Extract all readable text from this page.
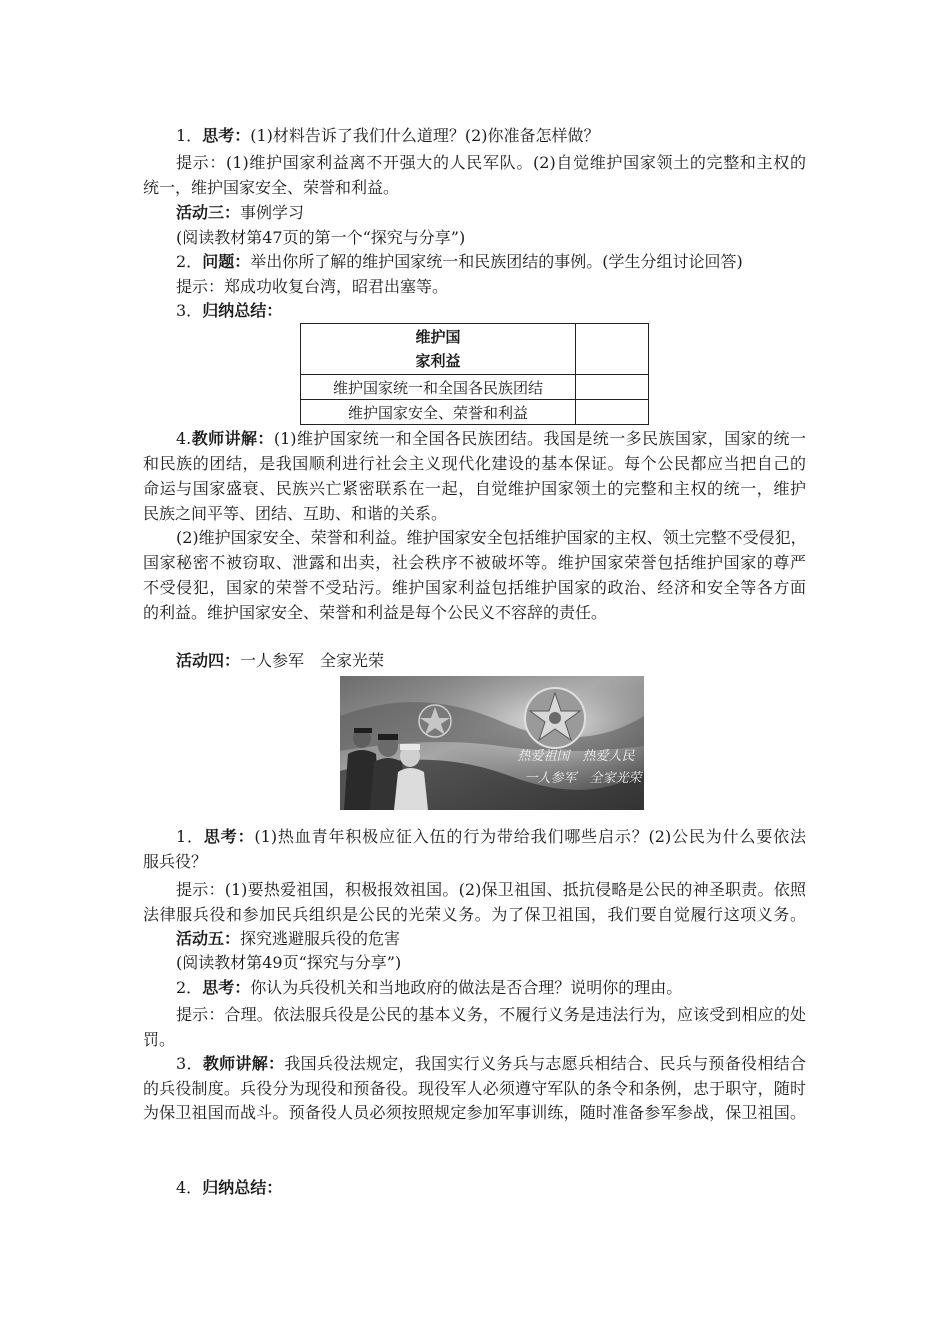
1．思考：(1)材料告诉了我们什么道理？(2)你准备怎样做？
提示：(1)维护国家利益离不开强大的人民军队。(2)自觉维护国家领土的完整和主权的
统一，维护国家安全、荣誉和利益。
活动三：事例学习
(阅读教材第47页的第一个“探究与分享”)
2．问题：举出你所了解的维护国家统一和民族团结的事例。(学生分组讨论回答)
提示：郑成功收复台湾，昭君出塞等。
3．归纳总结：
维护国
家利益	

维护国家统一和全国各民族团结	
维护国家安全、荣誉和利益	
4.教师讲解：(1)维护国家统一和全国各民族团结。我国是统一多民族国家，国家的统一
和民族的团结，是我国顺利进行社会主义现代化建设的基本保证。每个公民都应当把自己的
命运与国家盛衰、民族兴亡紧密联系在一起，自觉维护国家领土的完整和主权的统一，维护
民族之间平等、团结、互助、和谐的关系。
(2)维护国家安全、荣誉和利益。维护国家安全包括维护国家的主权、领土完整不受侵犯，
国家秘密不被窃取、泄露和出卖，社会秩序不被破坏等。维护国家荣誉包括维护国家的尊严
不受侵犯，国家的荣誉不受玷污。维护国家利益包括维护国家的政治、经济和安全等各方面
的利益。维护国家安全、荣誉和利益是每个公民义不容辞的责任。
活动四：一人参军　全家光荣
热爱祖国　热爱人民
一人参军　全家光荣
1．思考：(1)热血青年积极应征入伍的行为带给我们哪些启示？(2)公民为什么要依法
服兵役？
提示：(1)要热爱祖国，积极报效祖国。(2)保卫祖国、抵抗侵略是公民的神圣职责。依照
法律服兵役和参加民兵组织是公民的光荣义务。为了保卫祖国，我们要自觉履行这项义务。
活动五：探究逃避服兵役的危害
(阅读教材第49页“探究与分享”)
2．思考：你认为兵役机关和当地政府的做法是否合理？说明你的理由。
提示：合理。依法服兵役是公民的基本义务，不履行义务是违法行为，应该受到相应的处
罚。
3．教师讲解：我国兵役法规定，我国实行义务兵与志愿兵相结合、民兵与预备役相结合
的兵役制度。兵役分为现役和预备役。现役军人必须遵守军队的条令和条例，忠于职守，随时
为保卫祖国而战斗。预备役人员必须按照规定参加军事训练，随时准备参军参战，保卫祖国。
4．归纳总结：
